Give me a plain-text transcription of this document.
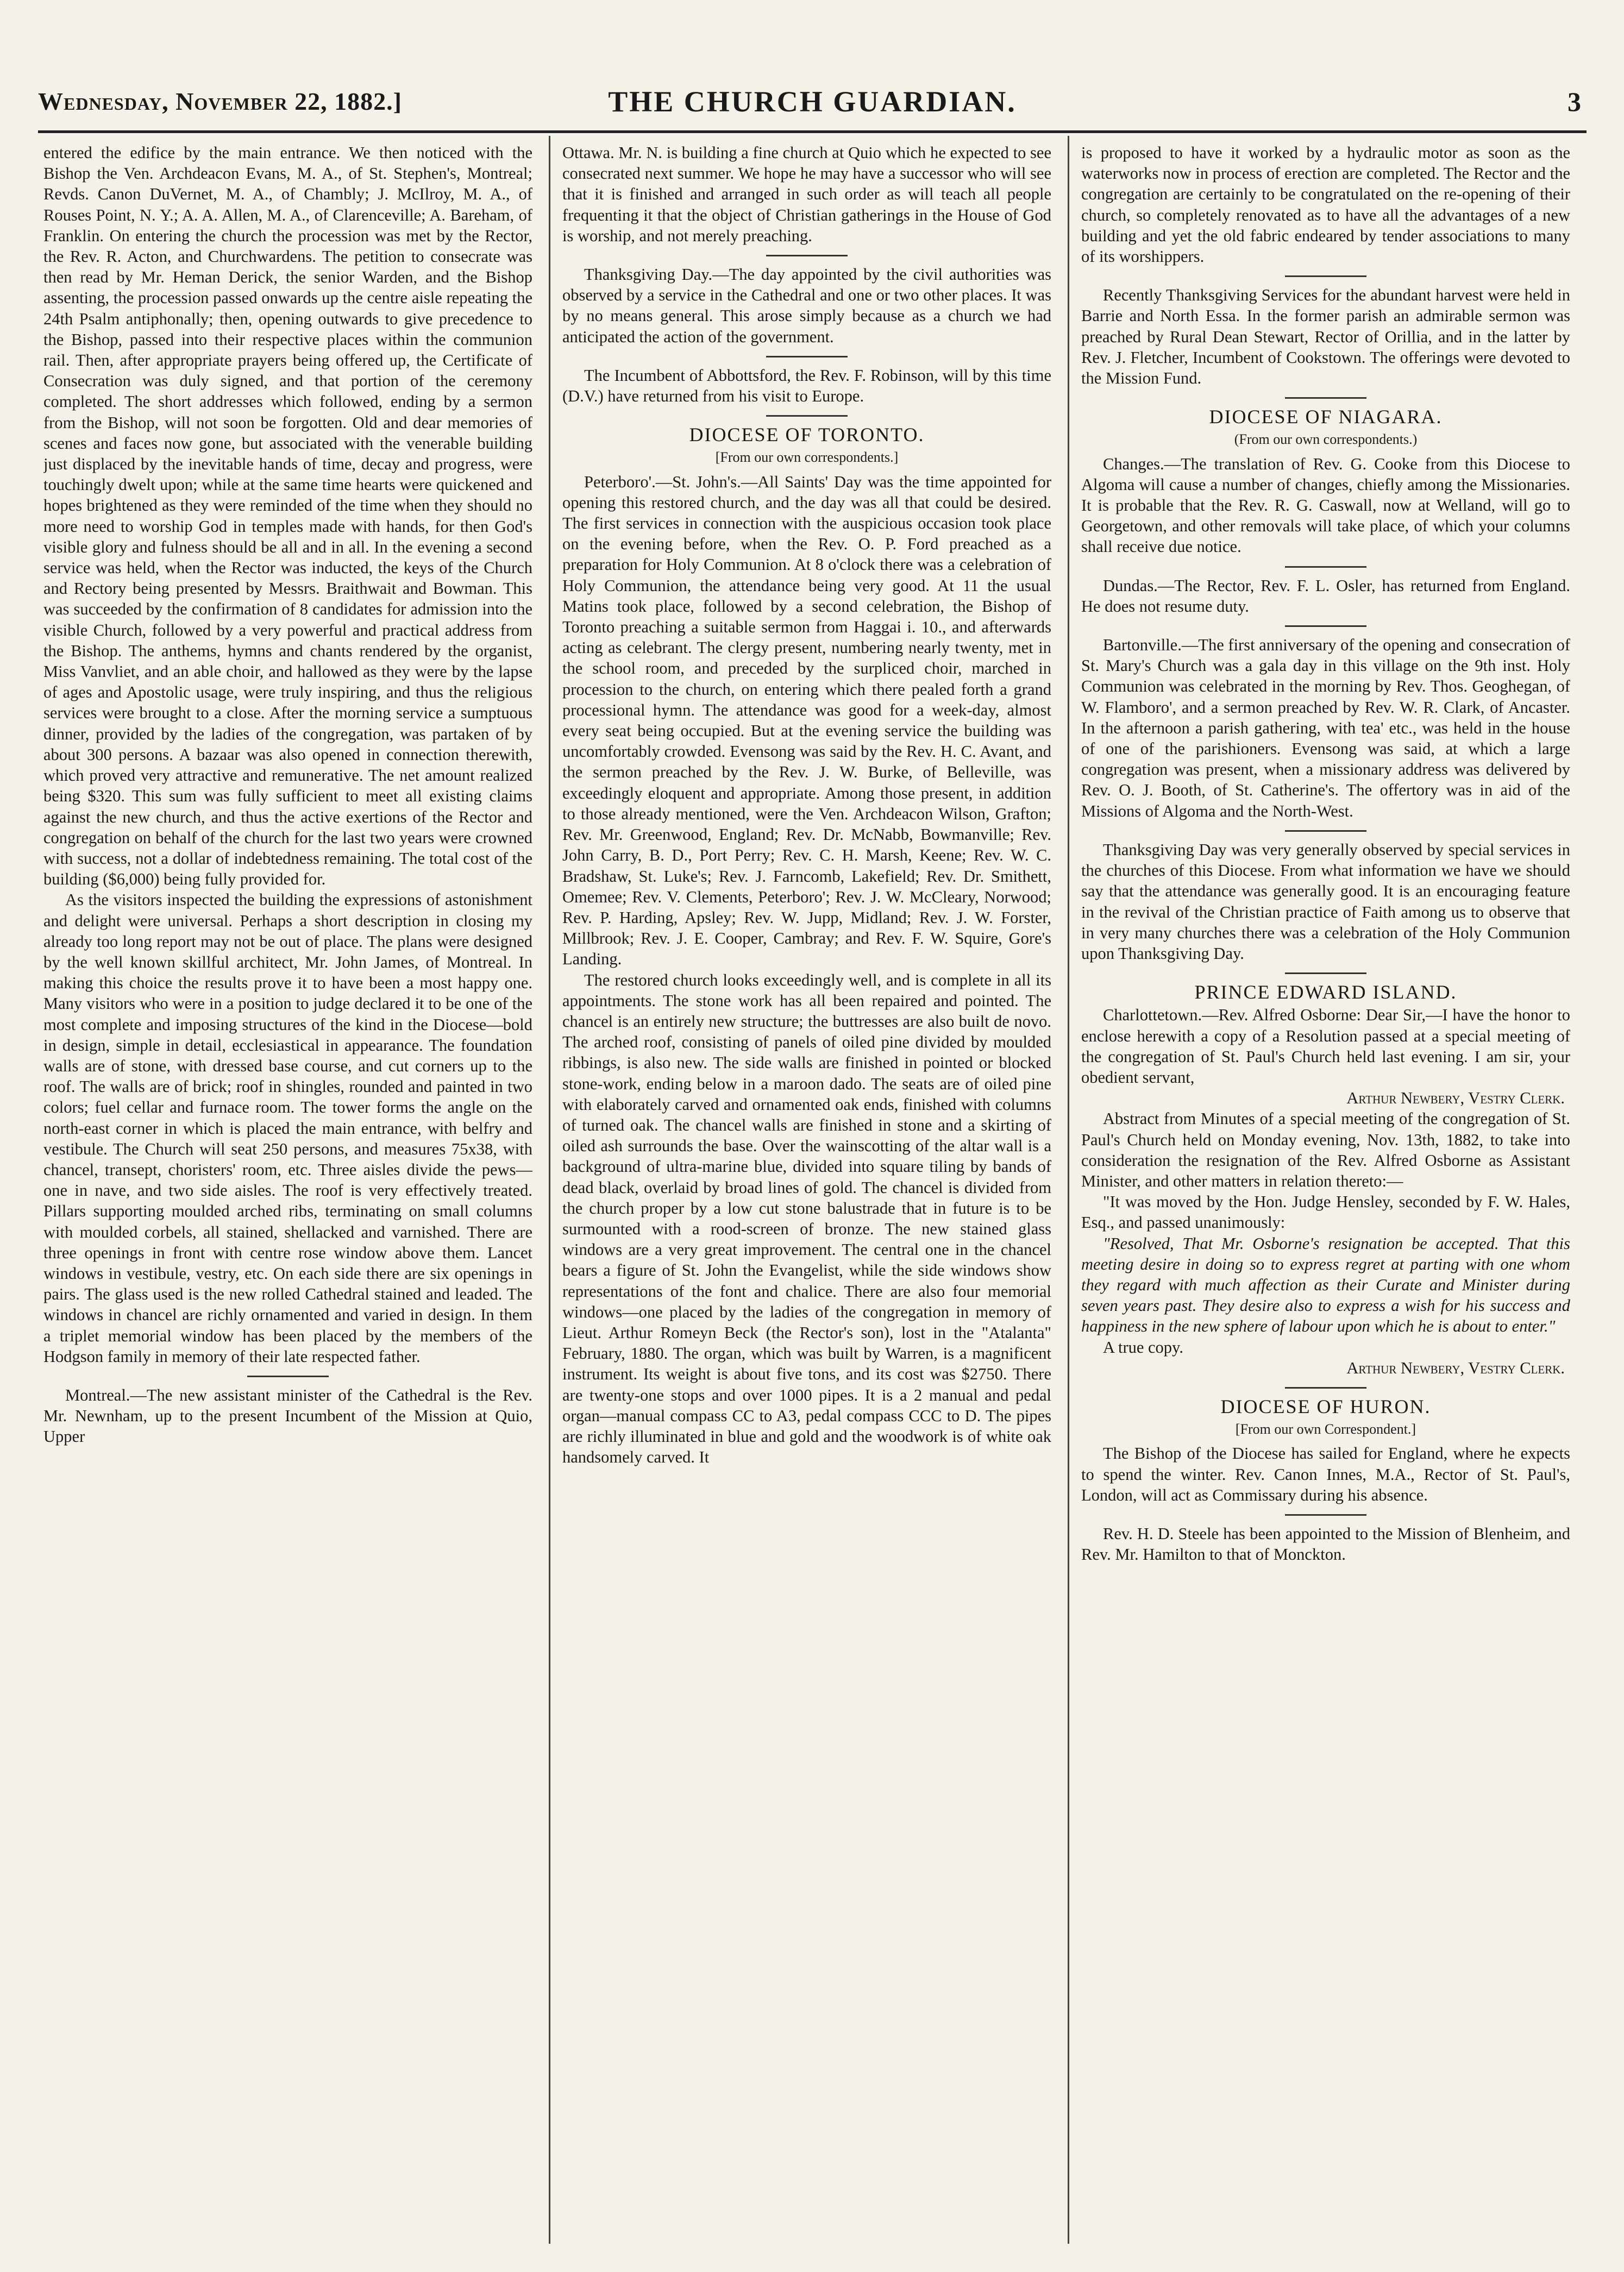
Wednesday, November 22, 1882.]	THE CHURCH GUARDIAN.	3

entered the edifice by the main entrance. We then noticed with the Bishop the Ven. Archdeacon Evans, M. A., of St. Stephen's, Montreal; Revds. Canon DuVernet, M. A., of Chambly; J. McIlroy, M. A., of Rouses Point, N. Y.; A. A. Allen, M. A., of Clarenceville; A. Bareham, of Franklin. On entering the church the procession was met by the Rector, the Rev. R. Acton, and Churchwardens. The petition to consecrate was then read by Mr. Heman Derick, the senior Warden, and the Bishop assenting, the procession passed onwards up the centre aisle repeating the 24th Psalm antiphonally; then, opening outwards to give precedence to the Bishop, passed into their respective places within the communion rail. Then, after appropriate prayers being offered up, the Certificate of Consecration was duly signed, and that portion of the ceremony completed. The short addresses which followed, ending by a sermon from the Bishop, will not soon be forgotten. Old and dear memories of scenes and faces now gone, but associated with the venerable building just displaced by the inevitable hands of time, decay and progress, were touchingly dwelt upon; while at the same time hearts were quickened and hopes brightened as they were reminded of the time when they should no more need to worship God in temples made with hands, for then God's visible glory and fulness should be all and in all. In the evening a second service was held, when the Rector was inducted, the keys of the Church and Rectory being presented by Messrs. Braithwait and Bowman. This was succeeded by the confirmation of 8 candidates for admission into the visible Church, followed by a very powerful and practical address from the Bishop. The anthems, hymns and chants rendered by the organist, Miss Vanvliet, and an able choir, and hallowed as they were by the lapse of ages and Apostolic usage, were truly inspiring, and thus the religious services were brought to a close. After the morning service a sumptuous dinner, provided by the ladies of the congregation, was partaken of by about 300 persons. A bazaar was also opened in connection therewith, which proved very attractive and remunerative. The net amount realized being $320. This sum was fully sufficient to meet all existing claims against the new church, and thus the active exertions of the Rector and congregation on behalf of the church for the last two years were crowned with success, not a dollar of indebtedness remaining. The total cost of the building ($6,000) being fully provided for.

As the visitors inspected the building the expressions of astonishment and delight were universal. Perhaps a short description in closing my already too long report may not be out of place. The plans were designed by the well known skillful architect, Mr. John James, of Montreal. In making this choice the results prove it to have been a most happy one. Many visitors who were in a position to judge declared it to be one of the most complete and imposing structures of the kind in the Diocese—bold in design, simple in detail, ecclesiastical in appearance. The foundation walls are of stone, with dressed base course, and cut corners up to the roof. The walls are of brick; roof in shingles, rounded and painted in two colors; fuel cellar and furnace room. The tower forms the angle on the north-east corner in which is placed the main entrance, with belfry and vestibule. The Church will seat 250 persons, and measures 75x38, with chancel, transept, choristers' room, etc. Three aisles divide the pews—one in nave, and two side aisles. The roof is very effectively treated. Pillars supporting moulded arched ribs, terminating on small columns with moulded corbels, all stained, shellacked and varnished. There are three openings in front with centre rose window above them. Lancet windows in vestibule, vestry, etc. On each side there are six openings in pairs. The glass used is the new rolled Cathedral stained and leaded. The windows in chancel are richly ornamented and varied in design. In them a triplet memorial window has been placed by the members of the Hodgson family in memory of their late respected father.

Montreal.—The new assistant minister of the Cathedral is the Rev. Mr. Newnham, up to the present Incumbent of the Mission at Quio, Upper

Ottawa. Mr. N. is building a fine church at Quio which he expected to see consecrated next summer. We hope he may have a successor who will see that it is finished and arranged in such order as will teach all people frequenting it that the object of Christian gatherings in the House of God is worship, and not merely preaching.

Thanksgiving Day.—The day appointed by the civil authorities was observed by a service in the Cathedral and one or two other places. It was by no means general. This arose simply because as a church we had anticipated the action of the government.

The Incumbent of Abbottsford, the Rev. F. Robinson, will by this time (D.V.) have returned from his visit to Europe.

DIOCESE OF TORONTO.
[From our own correspondents.]

Peterboro'.—St. John's.—All Saints' Day was the time appointed for opening this restored church, and the day was all that could be desired. The first services in connection with the auspicious occasion took place on the evening before, when the Rev. O. P. Ford preached as a preparation for Holy Communion. At 8 o'clock there was a celebration of Holy Communion, the attendance being very good. At 11 the usual Matins took place, followed by a second celebration, the Bishop of Toronto preaching a suitable sermon from Haggai i. 10., and afterwards acting as celebrant. The clergy present, numbering nearly twenty, met in the school room, and preceded by the surpliced choir, marched in procession to the church, on entering which there pealed forth a grand processional hymn. The attendance was good for a week-day, almost every seat being occupied. But at the evening service the building was uncomfortably crowded. Evensong was said by the Rev. H. C. Avant, and the sermon preached by the Rev. J. W. Burke, of Belleville, was exceedingly eloquent and appropriate. Among those present, in addition to those already mentioned, were the Ven. Archdeacon Wilson, Grafton; Rev. Mr. Greenwood, England; Rev. Dr. McNabb, Bowmanville; Rev. John Carry, B. D., Port Perry; Rev. C. H. Marsh, Keene; Rev. W. C. Bradshaw, St. Luke's; Rev. J. Farncomb, Lakefield; Rev. Dr. Smithett, Omemee; Rev. V. Clements, Peterboro'; Rev. J. W. McCleary, Norwood; Rev. P. Harding, Apsley; Rev. W. Jupp, Midland; Rev. J. W. Forster, Millbrook; Rev. J. E. Cooper, Cambray; and Rev. F. W. Squire, Gore's Landing.

The restored church looks exceedingly well, and is complete in all its appointments. The stone work has all been repaired and pointed. The chancel is an entirely new structure; the buttresses are also built de novo. The arched roof, consisting of panels of oiled pine divided by moulded ribbings, is also new. The side walls are finished in pointed or blocked stone-work, ending below in a maroon dado. The seats are of oiled pine with elaborately carved and ornamented oak ends, finished with columns of turned oak. The chancel walls are finished in stone and a skirting of oiled ash surrounds the base. Over the wainscotting of the altar wall is a background of ultra-marine blue, divided into square tiling by bands of dead black, overlaid by broad lines of gold. The chancel is divided from the church proper by a low cut stone balustrade that in future is to be surmounted with a rood-screen of bronze. The new stained glass windows are a very great improvement. The central one in the chancel bears a figure of St. John the Evangelist, while the side windows show representations of the font and chalice. There are also four memorial windows—one placed by the ladies of the congregation in memory of Lieut. Arthur Romeyn Beck (the Rector's son), lost in the "Atalanta" February, 1880. The organ, which was built by Warren, is a magnificent instrument. Its weight is about five tons, and its cost was $2750. There are twenty-one stops and over 1000 pipes. It is a 2 manual and pedal organ—manual compass CC to A3, pedal compass CCC to D. The pipes are richly illuminated in blue and gold and the woodwork is of white oak handsomely carved. It

is proposed to have it worked by a hydraulic motor as soon as the waterworks now in process of erection are completed. The Rector and the congregation are certainly to be congratulated on the re-opening of their church, so completely renovated as to have all the advantages of a new building and yet the old fabric endeared by tender associations to many of its worshippers.

Recently Thanksgiving Services for the abundant harvest were held in Barrie and North Essa. In the former parish an admirable sermon was preached by Rural Dean Stewart, Rector of Orillia, and in the latter by Rev. J. Fletcher, Incumbent of Cookstown. The offerings were devoted to the Mission Fund.

DIOCESE OF NIAGARA.
(From our own correspondents.)

Changes.—The translation of Rev. G. Cooke from this Diocese to Algoma will cause a number of changes, chiefly among the Missionaries. It is probable that the Rev. R. G. Caswall, now at Welland, will go to Georgetown, and other removals will take place, of which your columns shall receive due notice.

Dundas.—The Rector, Rev. F. L. Osler, has returned from England. He does not resume duty.

Bartonville.—The first anniversary of the opening and consecration of St. Mary's Church was a gala day in this village on the 9th inst. Holy Communion was celebrated in the morning by Rev. Thos. Geoghegan, of W. Flamboro', and a sermon preached by Rev. W. R. Clark, of Ancaster. In the afternoon a parish gathering, with tea' etc., was held in the house of one of the parishioners. Evensong was said, at which a large congregation was present, when a missionary address was delivered by Rev. O. J. Booth, of St. Catherine's. The offertory was in aid of the Missions of Algoma and the North-West.

Thanksgiving Day was very generally observed by special services in the churches of this Diocese. From what information we have we should say that the attendance was generally good. It is an encouraging feature in the revival of the Christian practice of Faith among us to observe that in very many churches there was a celebration of the Holy Communion upon Thanksgiving Day.

PRINCE EDWARD ISLAND.

Charlottetown.—Rev. Alfred Osborne: Dear Sir,—I have the honor to enclose herewith a copy of a Resolution passed at a special meeting of the congregation of St. Paul's Church held last evening. I am sir, your obedient servant,

Arthur Newbery, Vestry Clerk.

Abstract from Minutes of a special meeting of the congregation of St. Paul's Church held on Monday evening, Nov. 13th, 1882, to take into consideration the resignation of the Rev. Alfred Osborne as Assistant Minister, and other matters in relation thereto:—

"It was moved by the Hon. Judge Hensley, seconded by F. W. Hales, Esq., and passed unanimously:

"Resolved, That Mr. Osborne's resignation be accepted. That this meeting desire in doing so to express regret at parting with one whom they regard with much affection as their Curate and Minister during seven years past. They desire also to express a wish for his success and happiness in the new sphere of labour upon which he is about to enter."

A true copy.

Arthur Newbery, Vestry Clerk.
DIOCESE OF HURON.
[From our own Correspondent.]

The Bishop of the Diocese has sailed for England, where he expects to spend the winter. Rev. Canon Innes, M.A., Rector of St. Paul's, London, will act as Commissary during his absence.

Rev. H. D. Steele has been appointed to the Mission of Blenheim, and Rev. Mr. Hamilton to that of Monckton.
